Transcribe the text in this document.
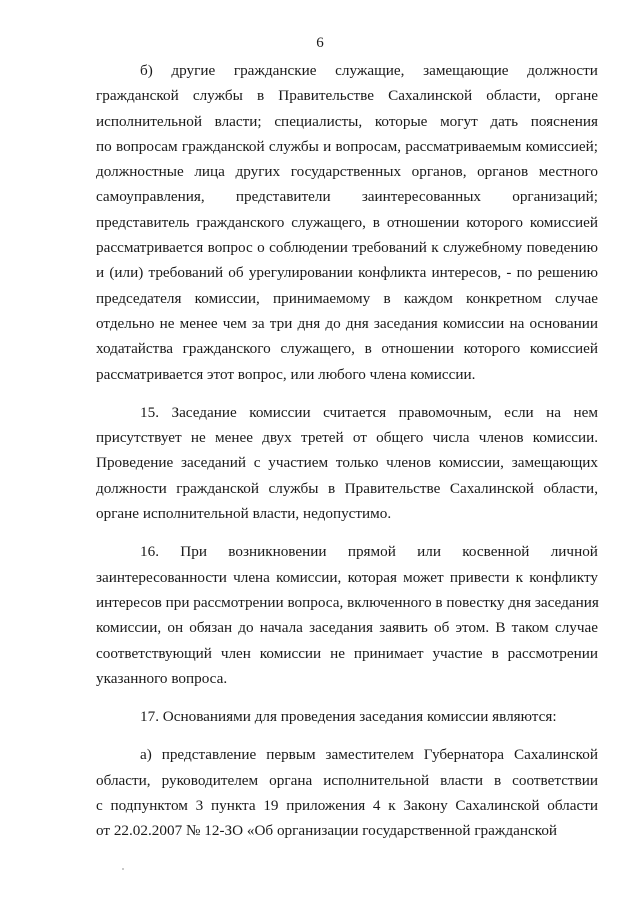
6
б) другие гражданские служащие, замещающие должности
гражданской службы в Правительстве Сахалинской области, органе
исполнительной власти; специалисты, которые могут дать пояснения
по вопросам гражданской службы и вопросам, рассматриваемым комиссией;
должностные лица других государственных органов, органов местного
самоуправления, представители заинтересованных организаций;
представитель гражданского служащего, в отношении которого комиссией
рассматривается вопрос о соблюдении требований к служебному поведению
и (или) требований об урегулировании конфликта интересов, - по решению
председателя комиссии, принимаемому в каждом конкретном случае
отдельно не менее чем за три дня до дня заседания комиссии на основании
ходатайства гражданского служащего, в отношении которого комиссией
рассматривается этот вопрос, или любого члена комиссии.
15. Заседание комиссии считается правомочным, если на нем
присутствует не менее двух третей от общего числа членов комиссии.
Проведение заседаний с участием только членов комиссии, замещающих
должности гражданской службы в Правительстве Сахалинской области,
органе исполнительной власти, недопустимо.
16. При возникновении прямой или косвенной личной
заинтересованности члена комиссии, которая может привести к конфликту
интересов при рассмотрении вопроса, включенного в повестку дня заседания
комиссии, он обязан до начала заседания заявить об этом. В таком случае
соответствующий член комиссии не принимает участие в рассмотрении
указанного вопроса.
17. Основаниями для проведения заседания комиссии являются:
а) представление первым заместителем Губернатора Сахалинской
области, руководителем органа исполнительной власти в соответствии
с подпунктом 3 пункта 19 приложения 4 к Закону Сахалинской области
от 22.02.2007 № 12-ЗО «Об организации государственной гражданской
